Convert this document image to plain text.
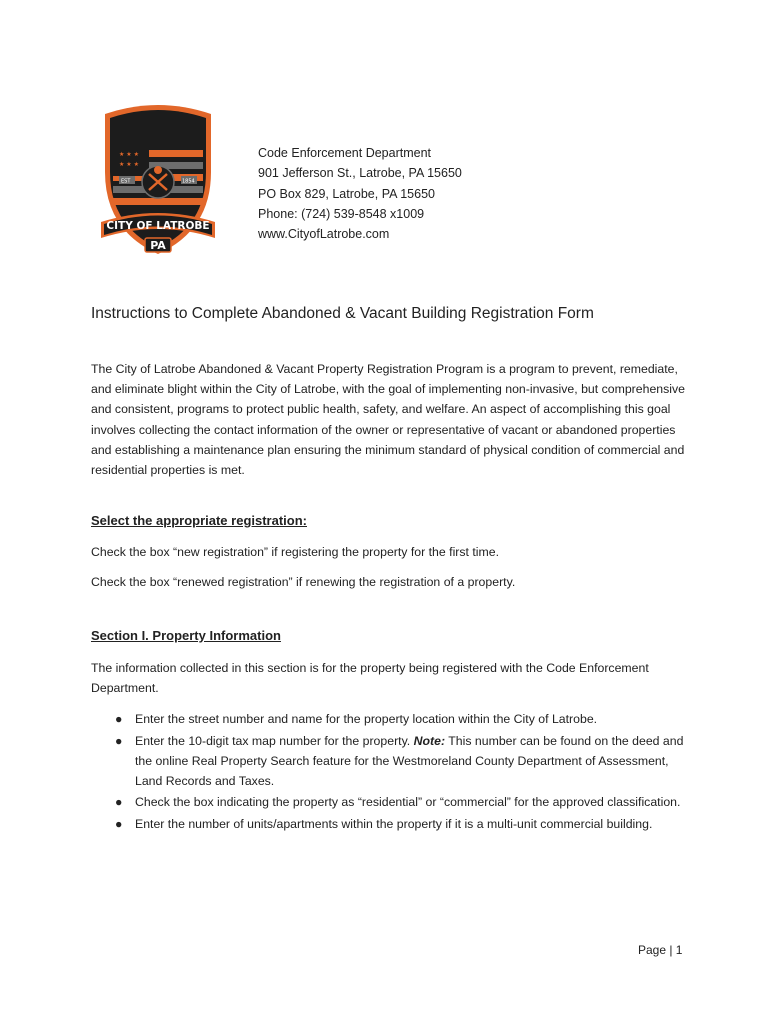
★ ★ ★
★ ★ ★
EST	1854
CITY OF LATROBE
PA
Code Enforcement Department
901 Jefferson St., Latrobe, PA 15650
PO Box 829, Latrobe, PA 15650
Phone: (724) 539-8548 x1009
www.CityofLatrobe.com
Instructions to Complete Abandoned & Vacant Building Registration Form
The City of Latrobe Abandoned & Vacant Property Registration Program is a program to prevent, remediate, and eliminate blight within the City of Latrobe, with the goal of implementing non-invasive, but comprehensive and consistent, programs to protect public health, safety, and welfare. An aspect of accomplishing this goal involves collecting the contact information of the owner or representative of vacant or abandoned properties and establishing a maintenance plan ensuring the minimum standard of physical condition of commercial and residential properties is met.
Select the appropriate registration:
Check the box “new registration” if registering the property for the first time.
Check the box “renewed registration” if renewing the registration of a property.
Section I. Property Information
The information collected in this section is for the property being registered with the Code Enforcement Department.
● Enter the street number and name for the property location within the City of Latrobe.
● Enter the 10-digit tax map number for the property. Note: This number can be found on the deed and the online Real Property Search feature for the Westmoreland County Department of Assessment, Land Records and Taxes.
● Check the box indicating the property as “residential” or “commercial” for the approved classification.
● Enter the number of units/apartments within the property if it is a multi-unit commercial building.
Page | 1
